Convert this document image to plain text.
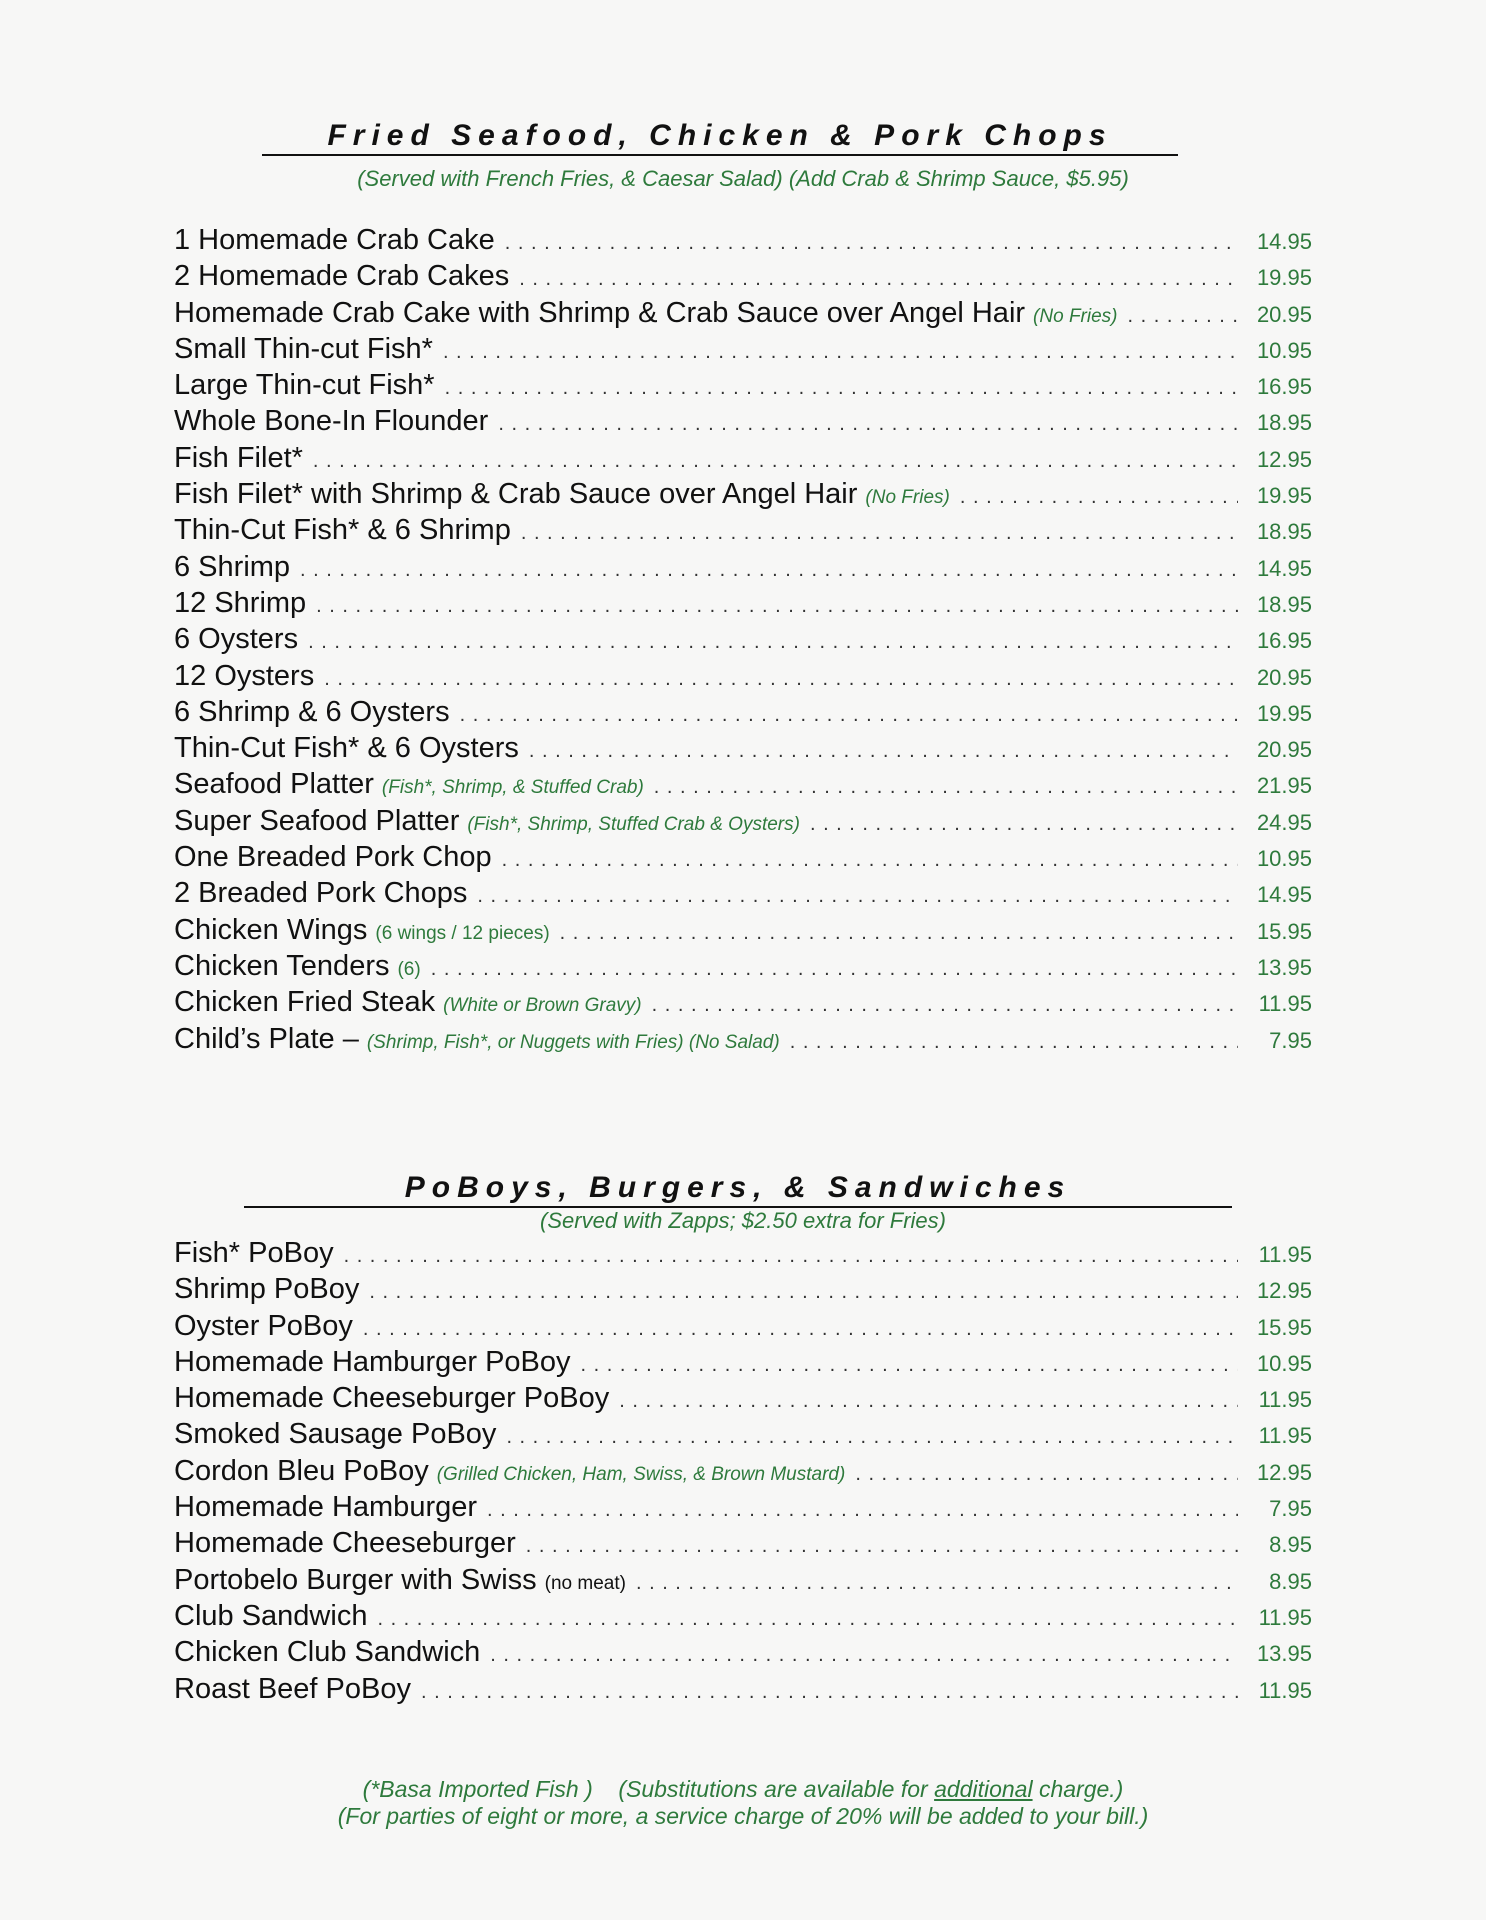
Fried Seafood, Chicken & Pork Chops
(Served with French Fries, & Caesar Salad) (Add Crab & Shrimp Sauce, $5.95)
1 Homemade Crab Cake . . .	14.95
2 Homemade Crab Cakes . . .	19.95
Homemade Crab Cake with Shrimp & Crab Sauce over Angel Hair (No Fries) . . .	20.95
Small Thin-cut Fish* . . .	10.95
Large Thin-cut Fish* . . .	16.95
Whole Bone-In Flounder . . .	18.95
Fish Filet* . . .	12.95
Fish Filet* with Shrimp & Crab Sauce over Angel Hair (No Fries) . . .	19.95
Thin-Cut Fish* & 6 Shrimp . . .	18.95
6 Shrimp . . .	14.95
12 Shrimp . . .	18.95
6 Oysters . . .	16.95
12 Oysters . . .	20.95
6 Shrimp & 6 Oysters . . .	19.95
Thin-Cut Fish* & 6 Oysters . . .	20.95
Seafood Platter (Fish*, Shrimp, & Stuffed Crab) . . .	21.95
Super Seafood Platter (Fish*, Shrimp, Stuffed Crab & Oysters) . . .	24.95
One Breaded Pork Chop . . .	10.95
2 Breaded Pork Chops . . .	14.95
Chicken Wings (6 wings / 12 pieces) . . .	15.95
Chicken Tenders (6) . . .	13.95
Chicken Fried Steak (White or Brown Gravy) . . .	11.95
Child’s Plate – (Shrimp, Fish*, or Nuggets with Fries) (No Salad) . . .	7.95
PoBoys, Burgers, & Sandwiches
(Served with Zapps; $2.50 extra for Fries)
Fish* PoBoy . . .	11.95
Shrimp PoBoy . . .	12.95
Oyster PoBoy . . .	15.95
Homemade Hamburger PoBoy . . .	10.95
Homemade Cheeseburger PoBoy . . .	11.95
Smoked Sausage PoBoy . . .	11.95
Cordon Bleu PoBoy (Grilled Chicken, Ham, Swiss, & Brown Mustard) . . .	12.95
Homemade Hamburger . . .	7.95
Homemade Cheeseburger . . .	8.95
Portobelo Burger with Swiss (no meat) . . .	8.95
Club Sandwich . . .	11.95
Chicken Club Sandwich . . .	13.95
Roast Beef PoBoy . . .	11.95
(*Basa Imported Fish ) (Substitutions are available for additional charge.)
(For parties of eight or more, a service charge of 20% will be added to your bill.)
